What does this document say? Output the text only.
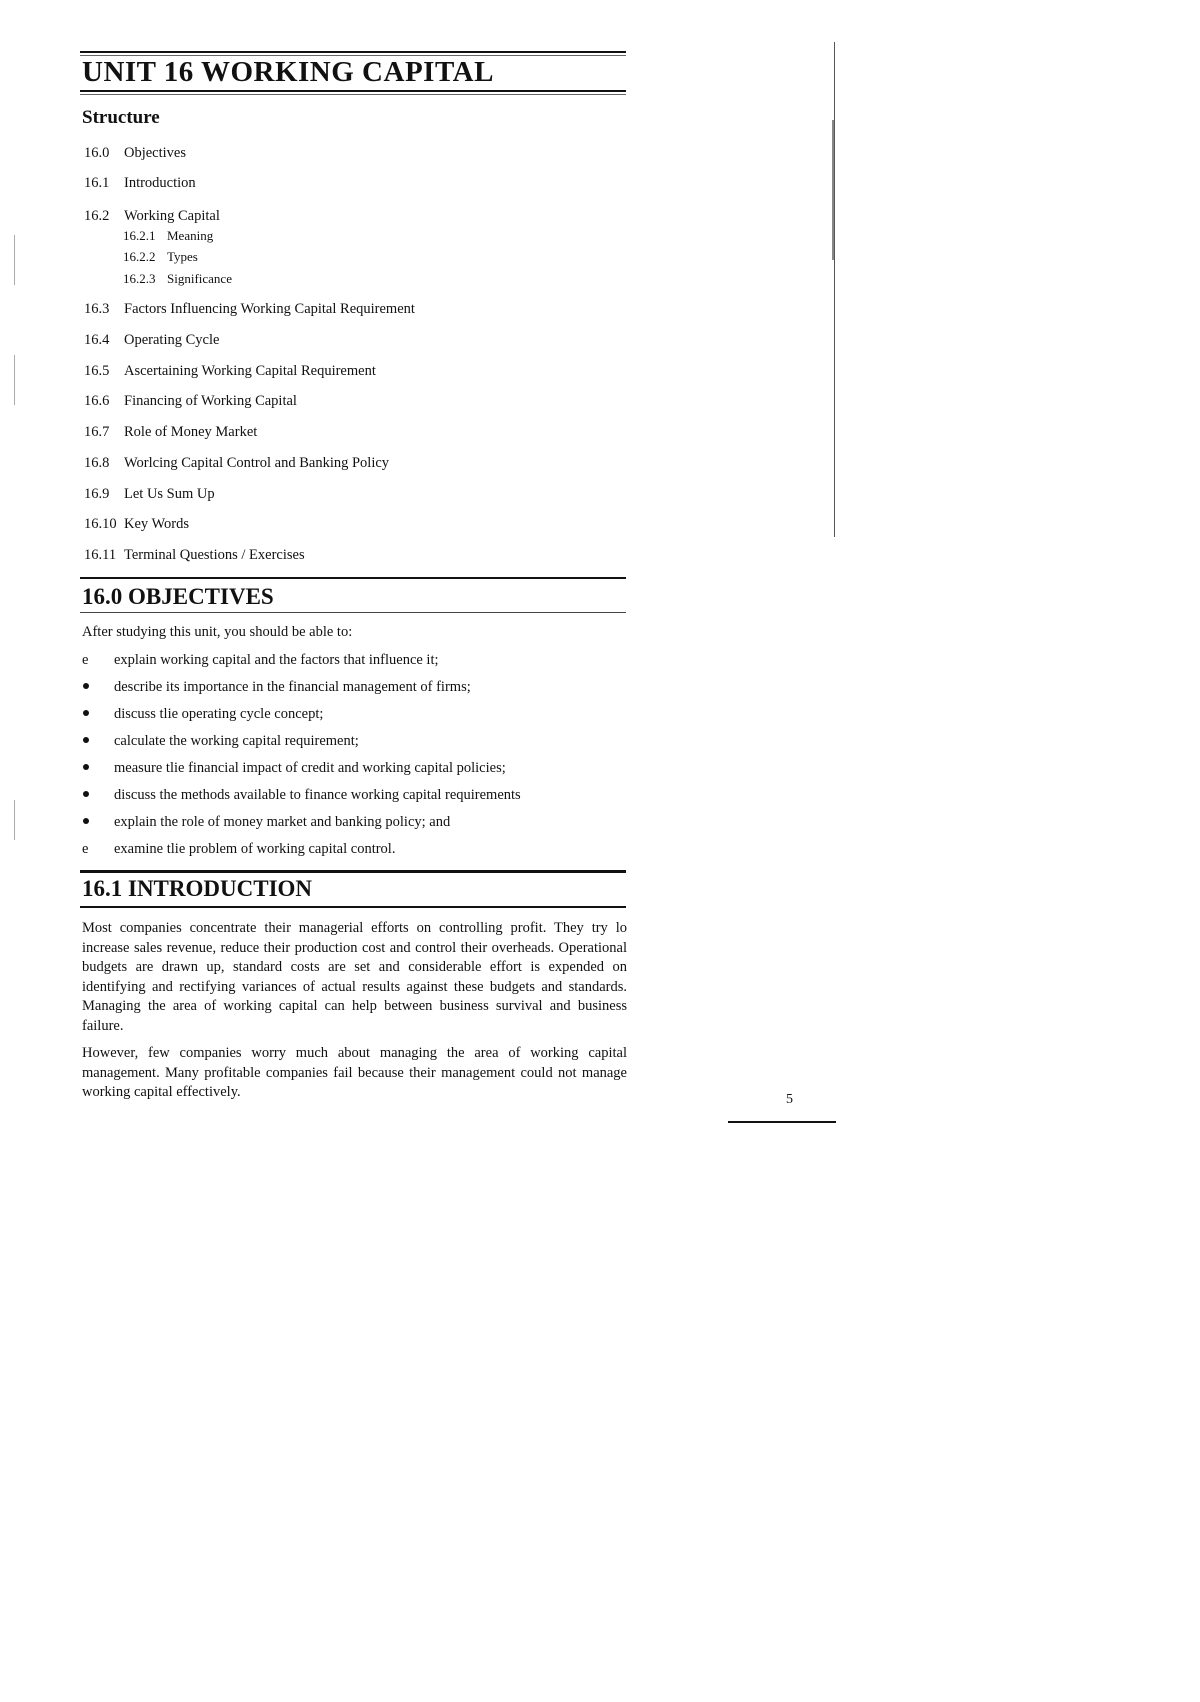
UNIT 16 WORKING CAPITAL
Structure
16.0 Objectives
16.1 Introduction
16.2 Working Capital
16.2.1 Meaning
16.2.2 Types
16.2.3 Significance
16.3 Factors Influencing Working Capital Requirement
16.4 Operating Cycle
16.5 Ascertaining Working Capital Requirement
16.6 Financing of Working Capital
16.7 Role of Money Market
16.8 Worlcing Capital Control and Banking Policy
16.9 Let Us Sum Up
16.10 Key Words
16.11 Terminal Questions / Exercises
16.0 OBJECTIVES

After studying this unit, you should be able to:

e explain working capital and the factors that influence it;
describe its importance in the financial management of firms;
discuss tlie operating cycle concept;
calculate the working capital requirement;
measure tlie financial impact of credit and working capital policies;
discuss the methods available to finance working capital requirements
explain the role of money market and banking policy; and
e examine tlie problem of working capital control.
16.1 INTRODUCTION

Most companies concentrate their managerial efforts on controlling profit. They try lo increase sales revenue, reduce their production cost and control their overheads. Operational budgets are drawn up, standard costs are set and considerable effort is expended on identifying and rectifying variances of actual results against these budgets and standards. Managing the area of working capital can help between business survival and business failure.

However, few companies worry much about managing the area of working capital management. Many profitable companies fail because their management could not manage working capital effectively.	5
